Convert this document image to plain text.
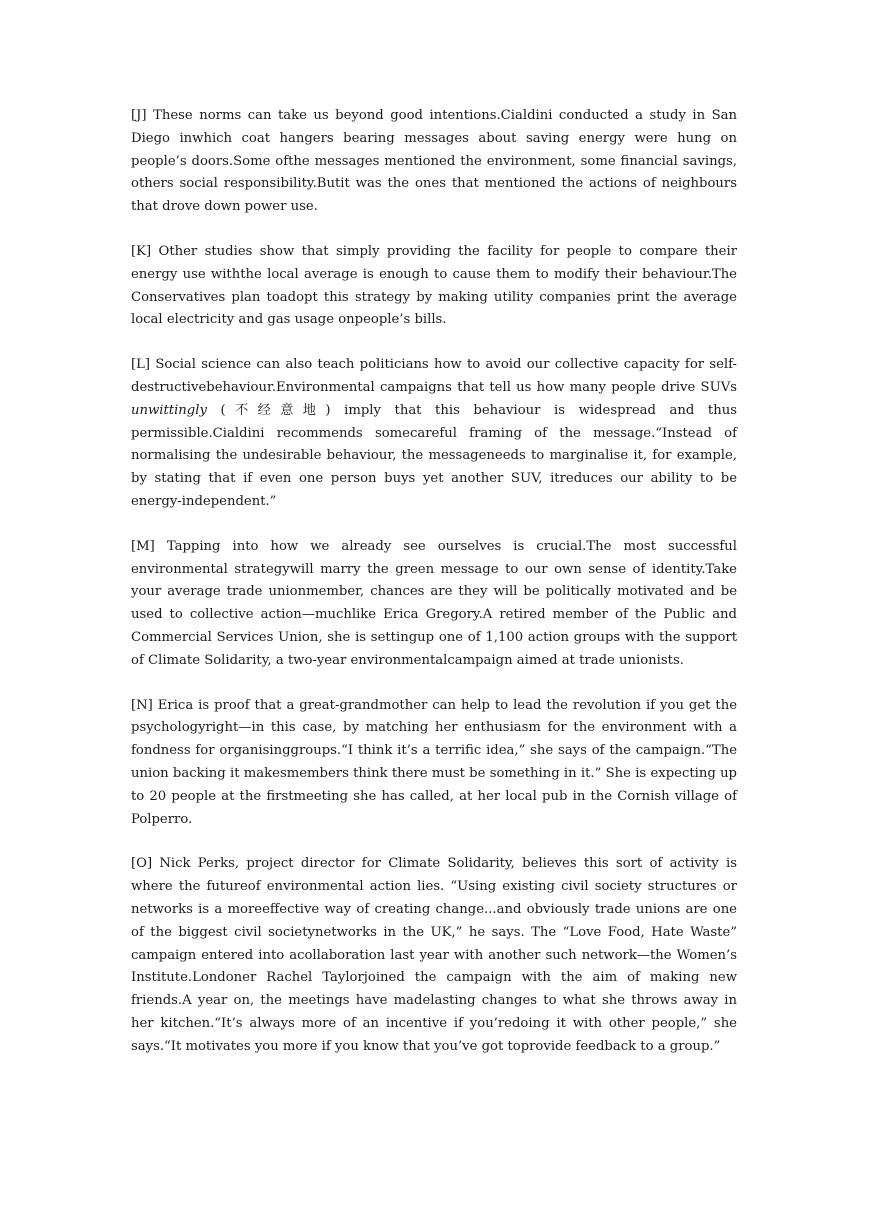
[J] These norms can take us beyond good intentions.Cialdini conducted a study in San Diego inwhich coat hangers bearing messages about saving energy were hung on people’s doors.Some ofthe messages mentioned the environment, some financial savings, others social responsibility.Butit was the ones that mentioned the actions of neighbours that drove down power use.

[K] Other studies show that simply providing the facility for people to compare their energy use withthe local average is enough to cause them to modify their behaviour.The Conservatives plan toadopt this strategy by making utility companies print the average local electricity and gas usage onpeople’s bills.

[L] Social science can also teach politicians how to avoid our collective capacity for self-destructivebehaviour.Environmental campaigns that tell us how many people drive SUVs unwittingly (不经意地) imply that this behaviour is widespread and thus permissible.Cialdini recommends somecareful framing of the message.“Instead of normalising the undesirable behaviour, the messageneeds to marginalise it, for example, by stating that if even one person buys yet another SUV, itreduces our ability to be energy-independent.”

[M] Tapping into how we already see ourselves is crucial.The most successful environmental strategywill marry the green message to our own sense of identity.Take your average trade unionmember, chances are they will be politically motivated and be used to collective action—muchlike Erica Gregory.A retired member of the Public and Commercial Services Union, she is settingup one of 1,100 action groups with the support of Climate Solidarity, a two-year environmentalcampaign aimed at trade unionists.

[N] Erica is proof that a great-grandmother can help to lead the revolution if you get the psychologyright—in this case, by matching her enthusiasm for the environment with a fondness for organisinggroups.“I think it’s a terrific idea,” she says of the campaign.“The union backing it makesmembers think there must be something in it.” She is expecting up to 20 people at the firstmeeting she has called, at her local pub in the Cornish village of Polperro.

[O] Nick Perks, project director for Climate Solidarity, believes this sort of activity is where the futureof environmental action lies. “Using existing civil society structures or networks is a moreeffective way of creating change...and obviously trade unions are one of the biggest civil societynetworks in the UK,” he says. The “Love Food, Hate Waste” campaign entered into acollaboration last year with another such network—the Women’s Institute.Londoner Rachel Taylorjoined the campaign with the aim of making new friends.A year on, the meetings have madelasting changes to what she throws away in her kitchen.“It’s always more of an incentive if you’redoing it with other people,” she says.“It motivates you more if you know that you’ve got toprovide feedback to a group.”
